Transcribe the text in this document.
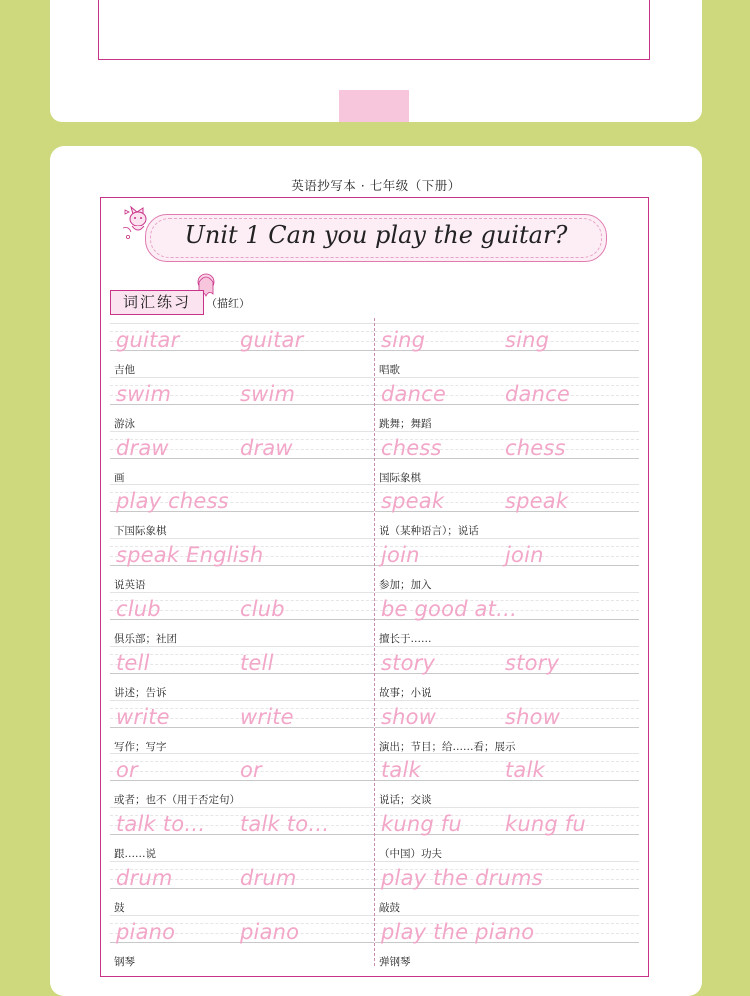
英语抄写本 · 七年级（下册）
Unit 1 Can you play the guitar?
词汇练习	（描红）
guitar	guitar
吉他
swim	swim
游泳
draw	draw
画
play chess
下国际象棋
speak English
说英语
club	club
俱乐部；社团
tell	tell
讲述；告诉
write	write
写作；写字
or	or
或者；也不（用于否定句）
talk to… talk to…
跟……说
drum	drum
鼓
piano	piano
钢琴
sing	sing
唱歌
dance	dance
跳舞；舞蹈
chess	chess
国际象棋
speak	speak
说（某种语言）；说话
join	join
参加；加入
be good at…
擅长于……
story	story
故事；小说
show	show
演出；节目；给……看；展示
talk	talk
说话；交谈
kung fu kung fu
（中国）功夫
play the drums
敲鼓
play the piano
弹钢琴
